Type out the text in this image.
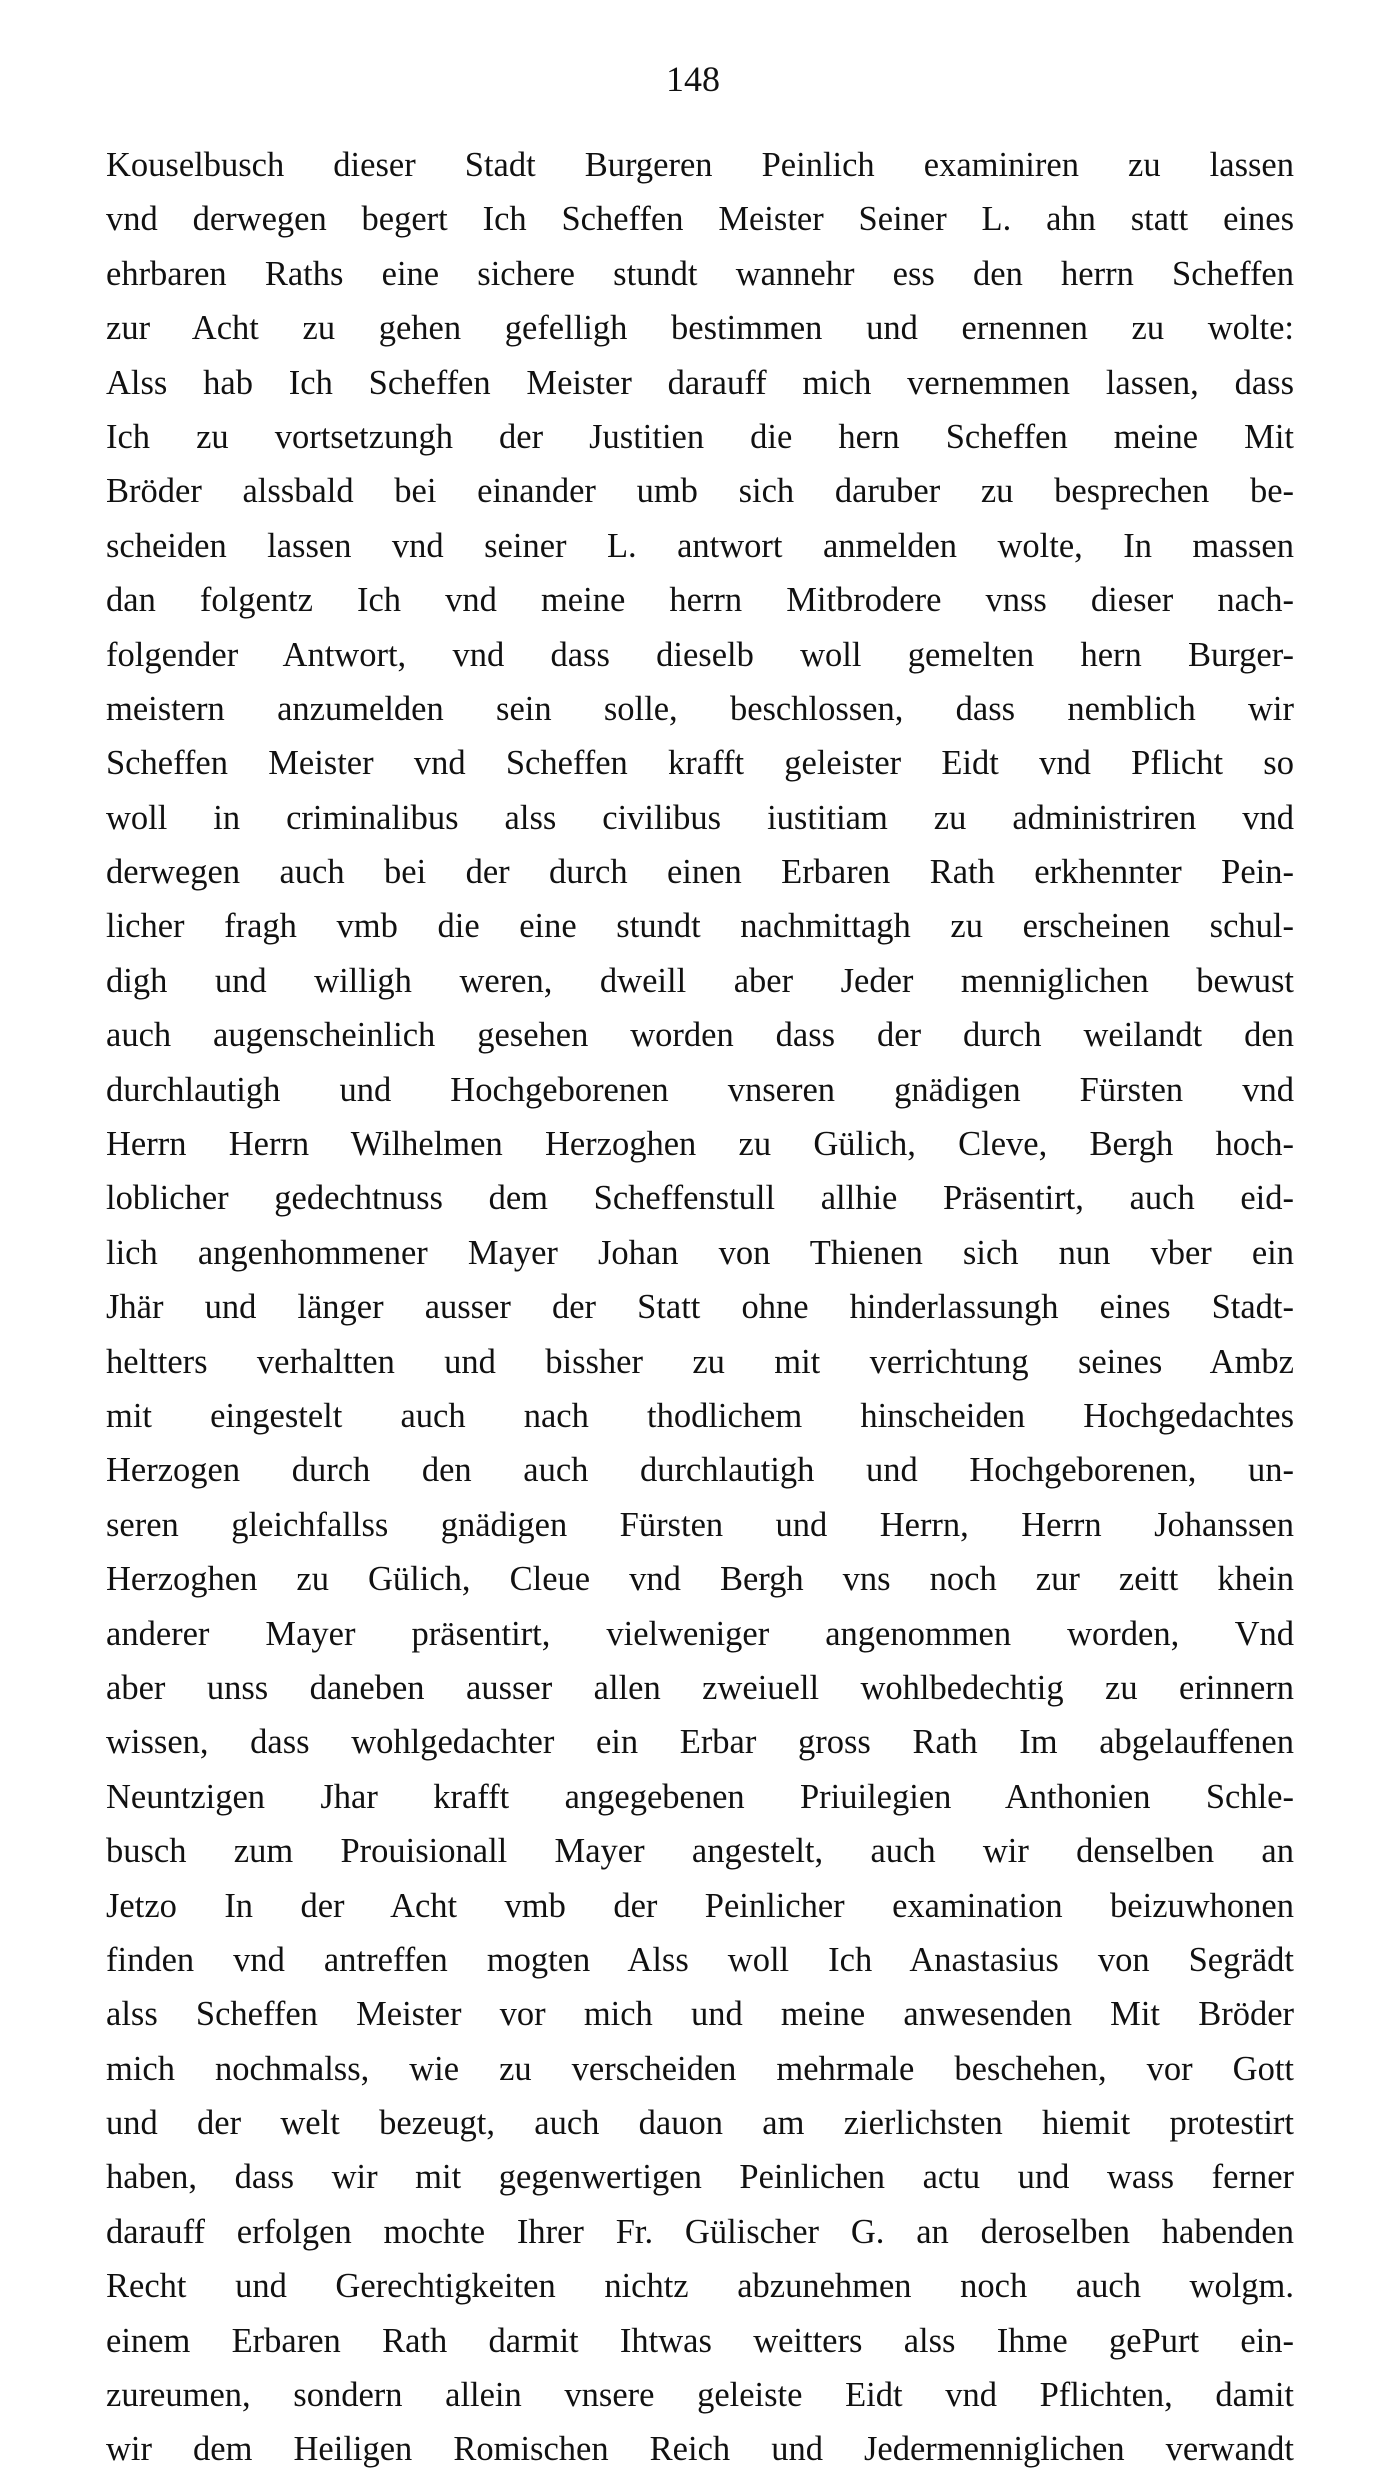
148
Kouselbusch dieser Stadt Burgeren Peinlich examiniren zu lassen
vnd derwegen begert Ich Scheffen Meister Seiner L. ahn statt eines
ehrbaren Raths eine sichere stundt wannehr ess den herrn Scheffen
zur Acht zu gehen gefelligh bestimmen und ernennen zu wolte:
Alss hab Ich Scheffen Meister darauff mich vernemmen lassen, dass
Ich zu vortsetzungh der Justitien die hern Scheffen meine Mit
Bröder alssbald bei einander umb sich daruber zu besprechen be-
scheiden lassen vnd seiner L. antwort anmelden wolte, In massen
dan folgentz Ich vnd meine herrn Mitbrodere vnss dieser nach-
folgender Antwort, vnd dass dieselb woll gemelten hern Burger-
meistern anzumelden sein solle, beschlossen, dass nemblich wir
Scheffen Meister vnd Scheffen krafft geleister Eidt vnd Pflicht so
woll in criminalibus alss civilibus iustitiam zu administriren vnd
derwegen auch bei der durch einen Erbaren Rath erkhennter Pein-
licher fragh vmb die eine stundt nachmittagh zu erscheinen schul-
digh und willigh weren, dweill aber Jeder menniglichen bewust
auch augenscheinlich gesehen worden dass der durch weilandt den
durchlautigh und Hochgeborenen vnseren gnädigen Fürsten vnd
Herrn Herrn Wilhelmen Herzoghen zu Gülich, Cleve, Bergh hoch-
loblicher gedechtnuss dem Scheffenstull allhie Präsentirt, auch eid-
lich angenhommener Mayer Johan von Thienen sich nun vber ein
Jhär und länger ausser der Statt ohne hinderlassungh eines Stadt-
heltters verhaltten und bissher zu mit verrichtung seines Ambz
mit eingestelt auch nach thodlichem hinscheiden Hochgedachtes
Herzogen durch den auch durchlautigh und Hochgeborenen, un-
seren gleichfallss gnädigen Fürsten und Herrn, Herrn Johanssen
Herzoghen zu Gülich, Cleue vnd Bergh vns noch zur zeitt khein
anderer Mayer präsentirt, vielweniger angenommen worden, Vnd
aber unss daneben ausser allen zweiuell wohlbedechtig zu erinnern
wissen, dass wohlgedachter ein Erbar gross Rath Im abgelauffenen
Neuntzigen Jhar krafft angegebenen Priuilegien Anthonien Schle-
busch zum Prouisionall Mayer angestelt, auch wir denselben an
Jetzo In der Acht vmb der Peinlicher examination beizuwhonen
finden vnd antreffen mogten Alss woll Ich Anastasius von Segrädt
alss Scheffen Meister vor mich und meine anwesenden Mit Bröder
mich nochmalss, wie zu verscheiden mehrmale beschehen, vor Gott
und der welt bezeugt, auch dauon am zierlichsten hiemit protestirt
haben, dass wir mit gegenwertigen Peinlichen actu und wass ferner
darauff erfolgen mochte Ihrer Fr. Gülischer G. an deroselben habenden
Recht und Gerechtigkeiten nichtz abzunehmen noch auch wolgm.
einem Erbaren Rath darmit Ihtwas weitters alss Ihme gePurt ein-
zureumen, sondern allein vnsere geleiste Eidt vnd Pflichten, damit
wir dem Heiligen Romischen Reich und Jedermenniglichen verwandt
